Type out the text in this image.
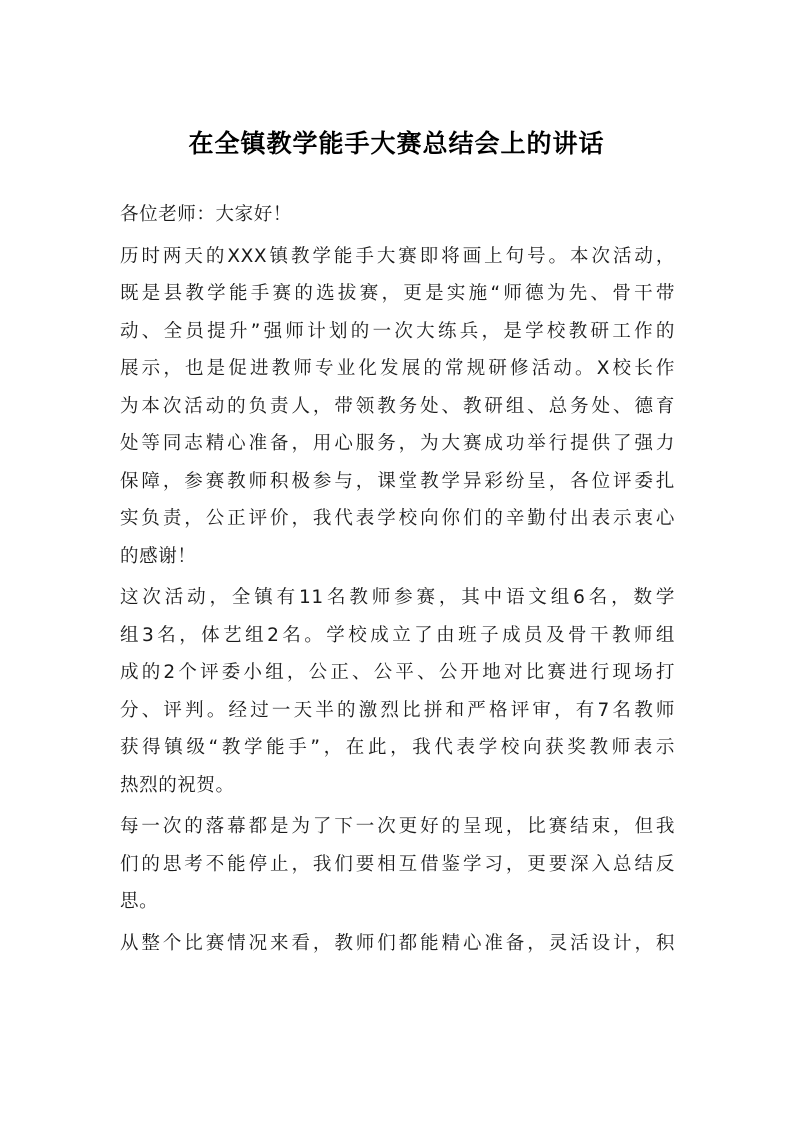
在全镇教学能手大赛总结会上的讲话
各位老师：大家好！
历时两天的XXX镇教学能手大赛即将画上句号。本次活动，
既是县教学能手赛的选拔赛，更是实施“师德为先、骨干带
动、全员提升”强师计划的一次大练兵，是学校教研工作的
展示，也是促进教师专业化发展的常规研修活动。X校长作
为本次活动的负责人，带领教务处、教研组、总务处、德育
处等同志精心准备，用心服务，为大赛成功举行提供了强力
保障，参赛教师积极参与，课堂教学异彩纷呈，各位评委扎
实负责，公正评价，我代表学校向你们的辛勤付出表示衷心
的感谢！
这次活动，全镇有11名教师参赛，其中语文组6名，数学
组3名，体艺组2名。学校成立了由班子成员及骨干教师组
成的2个评委小组，公正、公平、公开地对比赛进行现场打
分、评判。经过一天半的激烈比拼和严格评审，有7名教师
获得镇级“教学能手”，在此，我代表学校向获奖教师表示
热烈的祝贺。
每一次的落幕都是为了下一次更好的呈现，比赛结束，但我
们的思考不能停止，我们要相互借鉴学习，更要深入总结反
思。
从整个比赛情况来看，教师们都能精心准备，灵活设计，积
